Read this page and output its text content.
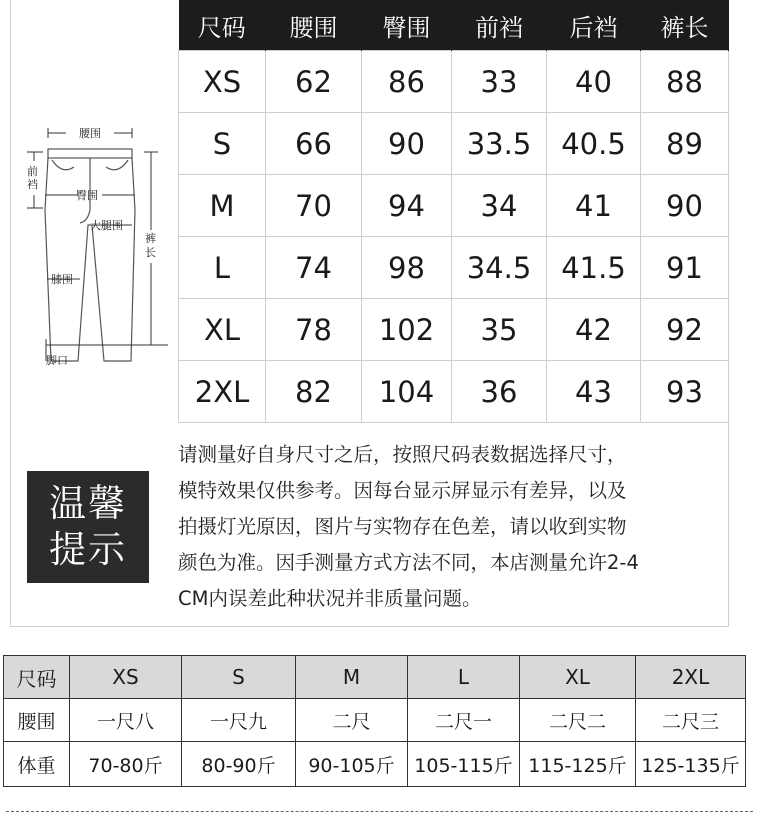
尺码	腰围	臀围	前裆	后裆	裤长
XS	62	86	33	40	88
S	66	90	33.5	40.5	89
M	70	94	34	41	90
L	74	98	34.5	41.5	91
XL	78	102	35	42	92
2XL	82	104	36	43	93
腰围
臀围
大腿围
膝围
脚口
前裆
裤长
温馨
提示
请测量好自身尺寸之后，按照尺码表数据选择尺寸，
模特效果仅供参考。因每台显示屏显示有差异，以及
拍摄灯光原因，图片与实物存在色差，请以收到实物
颜色为准。因手测量方式方法不同，本店测量允许2-4
CM内误差此种状况并非质量问题。
尺码	XS	S	M	L	XL	2XL
腰围	一尺八	一尺九	二尺	二尺一	二尺二	二尺三
体重	70-80斤	80-90斤	90-105斤	105-115斤	115-125斤	125-135斤
